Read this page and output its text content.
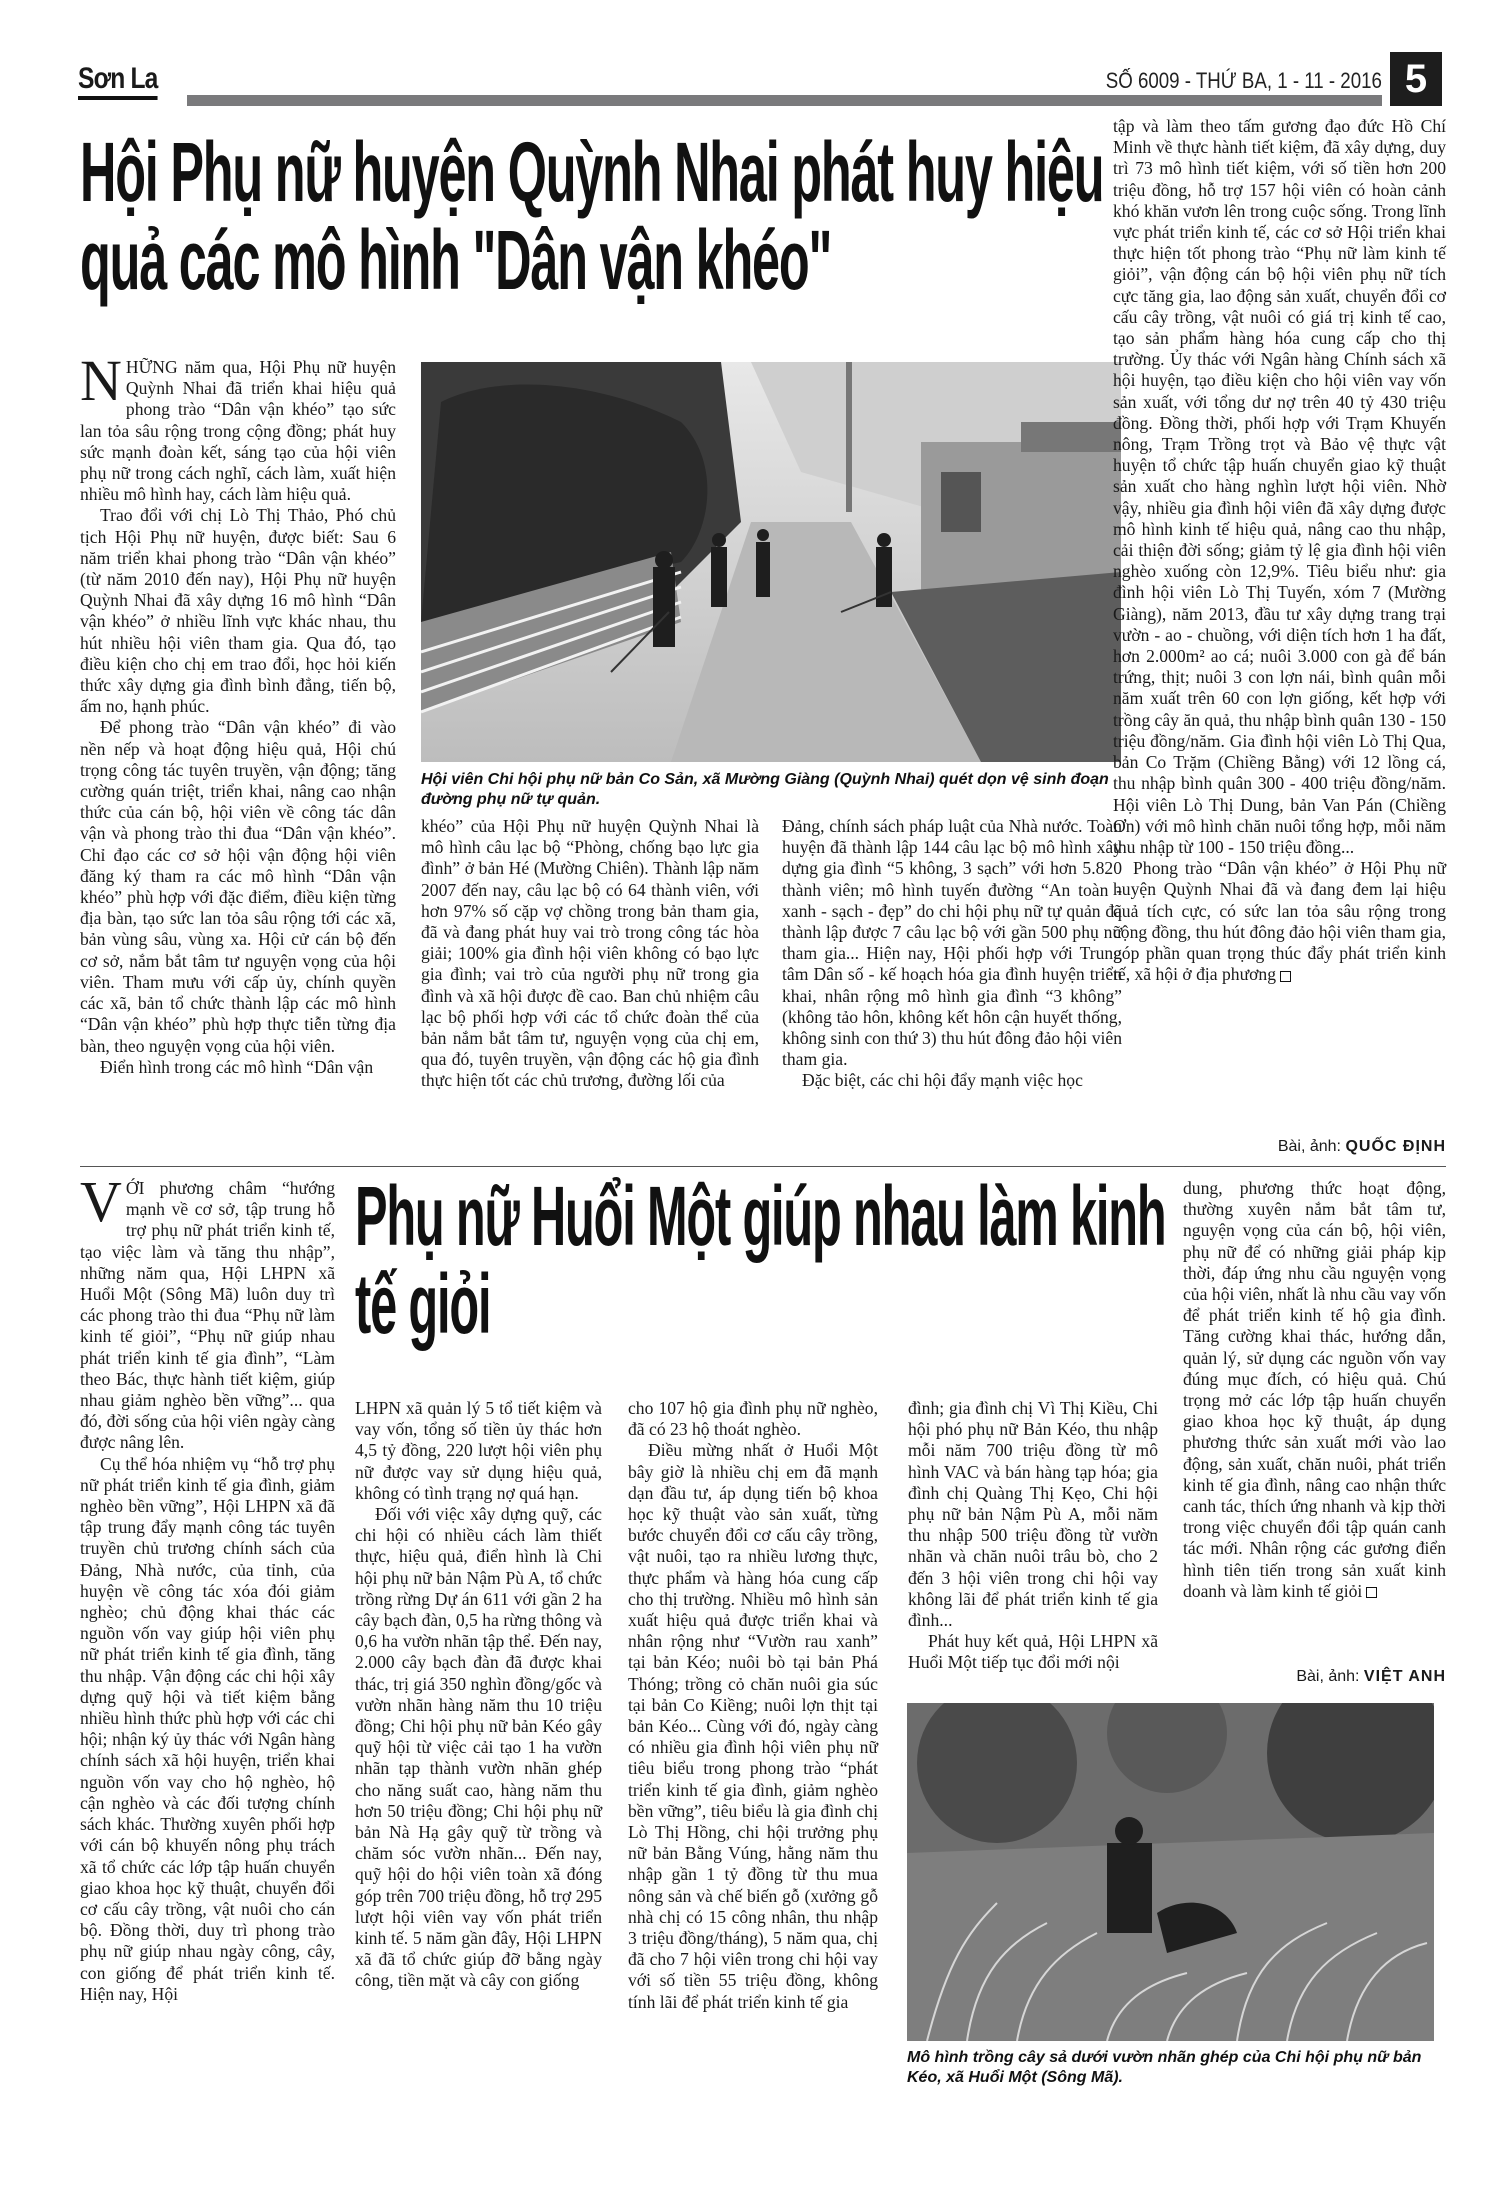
Sơn La	SỐ 6009 - THỨ BA, 1 - 11 - 2016 5
Hội Phụ nữ huyện Quỳnh Nhai phát huy hiệu quả các mô hình "Dân vận khéo"

NHỮNG năm qua, Hội Phụ nữ huyện Quỳnh Nhai đã triển khai hiệu quả phong trào “Dân vận khéo” tạo sức lan tỏa sâu rộng trong cộng đồng; phát huy sức mạnh đoàn kết, sáng tạo của hội viên phụ nữ trong cách nghĩ, cách làm, xuất hiện nhiều mô hình hay, cách làm hiệu quả.

Trao đổi với chị Lò Thị Thảo, Phó chủ tịch Hội Phụ nữ huyện, được biết: Sau 6 năm triển khai phong trào “Dân vận khéo” (từ năm 2010 đến nay), Hội Phụ nữ huyện Quỳnh Nhai đã xây dựng 16 mô hình “Dân vận khéo” ở nhiều lĩnh vực khác nhau, thu hút nhiều hội viên tham gia. Qua đó, tạo điều kiện cho chị em trao đổi, học hỏi kiến thức xây dựng gia đình bình đẳng, tiến bộ, ấm no, hạnh phúc.

Để phong trào “Dân vận khéo” đi vào nền nếp và hoạt động hiệu quả, Hội chú trọng công tác tuyên truyền, vận động; tăng cường quán triệt, triển khai, nâng cao nhận thức của cán bộ, hội viên về công tác dân vận và phong trào thi đua “Dân vận khéo”. Chỉ đạo các cơ sở hội vận động hội viên đăng ký tham ra các mô hình “Dân vận khéo” phù hợp với đặc điểm, điều kiện từng địa bàn, tạo sức lan tỏa sâu rộng tới các xã, bản vùng sâu, vùng xa. Hội cử cán bộ đến cơ sở, nắm bắt tâm tư nguyện vọng của hội viên. Tham mưu với cấp ủy, chính quyền các xã, bản tổ chức thành lập các mô hình “Dân vận khéo” phù hợp thực tiễn từng địa bàn, theo nguyện vọng của hội viên.

Điển hình trong các mô hình “Dân vận

Hội viên Chi hội phụ nữ bản Co Sản, xã Mường Giàng (Quỳnh Nhai) quét dọn vệ sinh đoạn đường phụ nữ tự quản.

khéo” của Hội Phụ nữ huyện Quỳnh Nhai là mô hình câu lạc bộ “Phòng, chống bạo lực gia đình” ở bản Hé (Mường Chiên). Thành lập năm 2007 đến nay, câu lạc bộ có 64 thành viên, với hơn 97% số cặp vợ chồng trong bản tham gia, đã và đang phát huy vai trò trong công tác hòa giải; 100% gia đình hội viên không có bạo lực gia đình; vai trò của người phụ nữ trong gia đình và xã hội được đề cao. Ban chủ nhiệm câu lạc bộ phối hợp với các tổ chức đoàn thể của bản nắm bắt tâm tư, nguyện vọng của chị em, qua đó, tuyên truyền, vận động các hộ gia đình thực hiện tốt các chủ trương, đường lối của

Đảng, chính sách pháp luật của Nhà nước. Toàn huyện đã thành lập 144 câu lạc bộ mô hình xây dựng gia đình “5 không, 3 sạch” với hơn 5.820 thành viên; mô hình tuyến đường “An toàn - xanh - sạch - đẹp” do chi hội phụ nữ tự quản đã thành lập được 7 câu lạc bộ với gần 500 phụ nữ tham gia... Hiện nay, Hội phối hợp với Trung tâm Dân số - kế hoạch hóa gia đình huyện triển khai, nhân rộng mô hình gia đình “3 không” (không tảo hôn, không kết hôn cận huyết thống, không sinh con thứ 3) thu hút đông đảo hội viên tham gia.

Đặc biệt, các chi hội đẩy mạnh việc học

tập và làm theo tấm gương đạo đức Hồ Chí Minh về thực hành tiết kiệm, đã xây dựng, duy trì 73 mô hình tiết kiệm, với số tiền hơn 200 triệu đồng, hỗ trợ 157 hội viên có hoàn cảnh khó khăn vươn lên trong cuộc sống. Trong lĩnh vực phát triển kinh tế, các cơ sở Hội triển khai thực hiện tốt phong trào “Phụ nữ làm kinh tế giỏi”, vận động cán bộ hội viên phụ nữ tích cực tăng gia, lao động sản xuất, chuyển đổi cơ cấu cây trồng, vật nuôi có giá trị kinh tế cao, tạo sản phẩm hàng hóa cung cấp cho thị trường. Ủy thác với Ngân hàng Chính sách xã hội huyện, tạo điều kiện cho hội viên vay vốn sản xuất, với tổng dư nợ trên 40 tỷ 430 triệu đồng. Đồng thời, phối hợp với Trạm Khuyến nông, Trạm Trồng trọt và Bảo vệ thực vật huyện tổ chức tập huấn chuyển giao kỹ thuật sản xuất cho hàng nghìn lượt hội viên. Nhờ vậy, nhiều gia đình hội viên đã xây dựng được mô hình kinh tế hiệu quả, nâng cao thu nhập, cải thiện đời sống; giảm tỷ lệ gia đình hội viên nghèo xuống còn 12,9%. Tiêu biểu như: gia đình hội viên Lò Thị Tuyến, xóm 7 (Mường Giàng), năm 2013, đầu tư xây dựng trang trại vườn - ao - chuồng, với diện tích hơn 1 ha đất, hơn 2.000m² ao cá; nuôi 3.000 con gà để bán trứng, thịt; nuôi 3 con lợn nái, bình quân mỗi năm xuất trên 60 con lợn giống, kết hợp với trồng cây ăn quả, thu nhập bình quân 130 - 150 triệu đồng/năm. Gia đình hội viên Lò Thị Qua, bản Co Trặm (Chiềng Bằng) với 12 lồng cá, thu nhập bình quân 300 - 400 triệu đồng/năm. Hội viên Lò Thị Dung, bản Van Pán (Chiềng Ơn) với mô hình chăn nuôi tổng hợp, mỗi năm thu nhập từ 100 - 150 triệu đồng...

Phong trào “Dân vận khéo” ở Hội Phụ nữ huyện Quỳnh Nhai đã và đang đem lại hiệu quả tích cực, có sức lan tỏa sâu rộng trong cộng đồng, thu hút đông đảo hội viên tham gia, góp phần quan trọng thúc đẩy phát triển kinh tế, xã hội ở địa phương

Bài, ảnh: QUỐC ĐỊNH
Phụ nữ Huổi Một giúp nhau làm kinh tế giỏi

VỚI phương châm “hướng mạnh về cơ sở, tập trung hỗ trợ phụ nữ phát triển kinh tế, tạo việc làm và tăng thu nhập”, những năm qua, Hội LHPN xã Huổi Một (Sông Mã) luôn duy trì các phong trào thi đua “Phụ nữ làm kinh tế giỏi”, “Phụ nữ giúp nhau phát triển kinh tế gia đình”, “Làm theo Bác, thực hành tiết kiệm, giúp nhau giảm nghèo bền vững”... qua đó, đời sống của hội viên ngày càng được nâng lên.

Cụ thể hóa nhiệm vụ “hỗ trợ phụ nữ phát triển kinh tế gia đình, giảm nghèo bền vững”, Hội LHPN xã đã tập trung đẩy mạnh công tác tuyên truyền chủ trương chính sách của Đảng, Nhà nước, của tỉnh, của huyện về công tác xóa đói giảm nghèo; chủ động khai thác các nguồn vốn vay giúp hội viên phụ nữ phát triển kinh tế gia đình, tăng thu nhập. Vận động các chi hội xây dựng quỹ hội và tiết kiệm bằng nhiều hình thức phù hợp với các chi hội; nhận ký ủy thác với Ngân hàng chính sách xã hội huyện, triển khai nguồn vốn vay cho hộ nghèo, hộ cận nghèo và các đối tượng chính sách khác. Thường xuyên phối hợp với cán bộ khuyến nông phụ trách xã tổ chức các lớp tập huấn chuyển giao khoa học kỹ thuật, chuyển đổi cơ cấu cây trồng, vật nuôi cho cán bộ. Đồng thời, duy trì phong trào phụ nữ giúp nhau ngày công, cây, con giống để phát triển kinh tế. Hiện nay, Hội

LHPN xã quản lý 5 tổ tiết kiệm và vay vốn, tổng số tiền ủy thác hơn 4,5 tỷ đồng, 220 lượt hội viên phụ nữ được vay sử dụng hiệu quả, không có tình trạng nợ quá hạn.

Đối với việc xây dựng quỹ, các chi hội có nhiều cách làm thiết thực, hiệu quả, điển hình là Chi hội phụ nữ bản Nậm Pù A, tổ chức trồng rừng Dự án 611 với gần 2 ha cây bạch đàn, 0,5 ha rừng thông và 0,6 ha vườn nhãn tập thể. Đến nay, 2.000 cây bạch đàn đã được khai thác, trị giá 350 nghìn đồng/gốc và vườn nhãn hàng năm thu 10 triệu đồng; Chi hội phụ nữ bản Kéo gây quỹ hội từ việc cải tạo 1 ha vườn nhãn tạp thành vườn nhãn ghép cho năng suất cao, hàng năm thu hơn 50 triệu đồng; Chi hội phụ nữ bản Nà Hạ gây quỹ từ trồng và chăm sóc vườn nhãn... Đến nay, quỹ hội do hội viên toàn xã đóng góp trên 700 triệu đồng, hỗ trợ 295 lượt hội viên vay vốn phát triển kinh tế. 5 năm gần đây, Hội LHPN xã đã tổ chức giúp đỡ bằng ngày công, tiền mặt và cây con giống

cho 107 hộ gia đình phụ nữ nghèo, đã có 23 hộ thoát nghèo.

Điều mừng nhất ở Huổi Một bây giờ là nhiều chị em đã mạnh dạn đầu tư, áp dụng tiến bộ khoa học kỹ thuật vào sản xuất, từng bước chuyển đổi cơ cấu cây trồng, vật nuôi, tạo ra nhiều lương thực, thực phẩm và hàng hóa cung cấp cho thị trường. Nhiều mô hình sản xuất hiệu quả được triển khai và nhân rộng như “Vườn rau xanh” tại bản Kéo; nuôi bò tại bản Phá Thóng; trồng cỏ chăn nuôi gia súc tại bản Co Kiềng; nuôi lợn thịt tại bản Kéo... Cùng với đó, ngày càng có nhiều gia đình hội viên phụ nữ tiêu biểu trong phong trào “phát triển kinh tế gia đình, giảm nghèo bền vững”, tiêu biểu là gia đình chị Lò Thị Hồng, chi hội trưởng phụ nữ bản Bằng Vúng, hằng năm thu nhập gần 1 tỷ đồng từ thu mua nông sản và chế biến gỗ (xưởng gỗ nhà chị có 15 công nhân, thu nhập 3 triệu đồng/tháng), 5 năm qua, chị đã cho 7 hội viên trong chi hội vay với số tiền 55 triệu đồng, không tính lãi để phát triển kinh tế gia

đình; gia đình chị Vì Thị Kiều, Chi hội phó phụ nữ Bản Kéo, thu nhập mỗi năm 700 triệu đồng từ mô hình VAC và bán hàng tạp hóa; gia đình chị Quàng Thị Kẹo, Chi hội phụ nữ bản Nậm Pù A, mỗi năm thu nhập 500 triệu đồng từ vườn nhãn và chăn nuôi trâu bò, cho 2 đến 3 hội viên trong chi hội vay không lãi để phát triển kinh tế gia đình...

Phát huy kết quả, Hội LHPN xã Huổi Một tiếp tục đổi mới nội

dung, phương thức hoạt động, thường xuyên nắm bắt tâm tư, nguyện vọng của cán bộ, hội viên, phụ nữ để có những giải pháp kịp thời, đáp ứng nhu cầu nguyện vọng của hội viên, nhất là nhu cầu vay vốn để phát triển kinh tế hộ gia đình. Tăng cường khai thác, hướng dẫn, quản lý, sử dụng các nguồn vốn vay đúng mục đích, có hiệu quả. Chú trọng mở các lớp tập huấn chuyển giao khoa học kỹ thuật, áp dụng phương thức sản xuất mới vào lao động, sản xuất, chăn nuôi, phát triển kinh tế gia đình, nâng cao nhận thức canh tác, thích ứng nhanh và kịp thời trong việc chuyển đổi tập quán canh tác mới. Nhân rộng các gương điển hình tiên tiến trong sản xuất kinh doanh và làm kinh tế giỏi

Bài, ảnh: VIỆT ANH
Mô hình trồng cây sả dưới vườn nhãn ghép của Chi hội phụ nữ bản Kéo, xã Huổi Một (Sông Mã).
